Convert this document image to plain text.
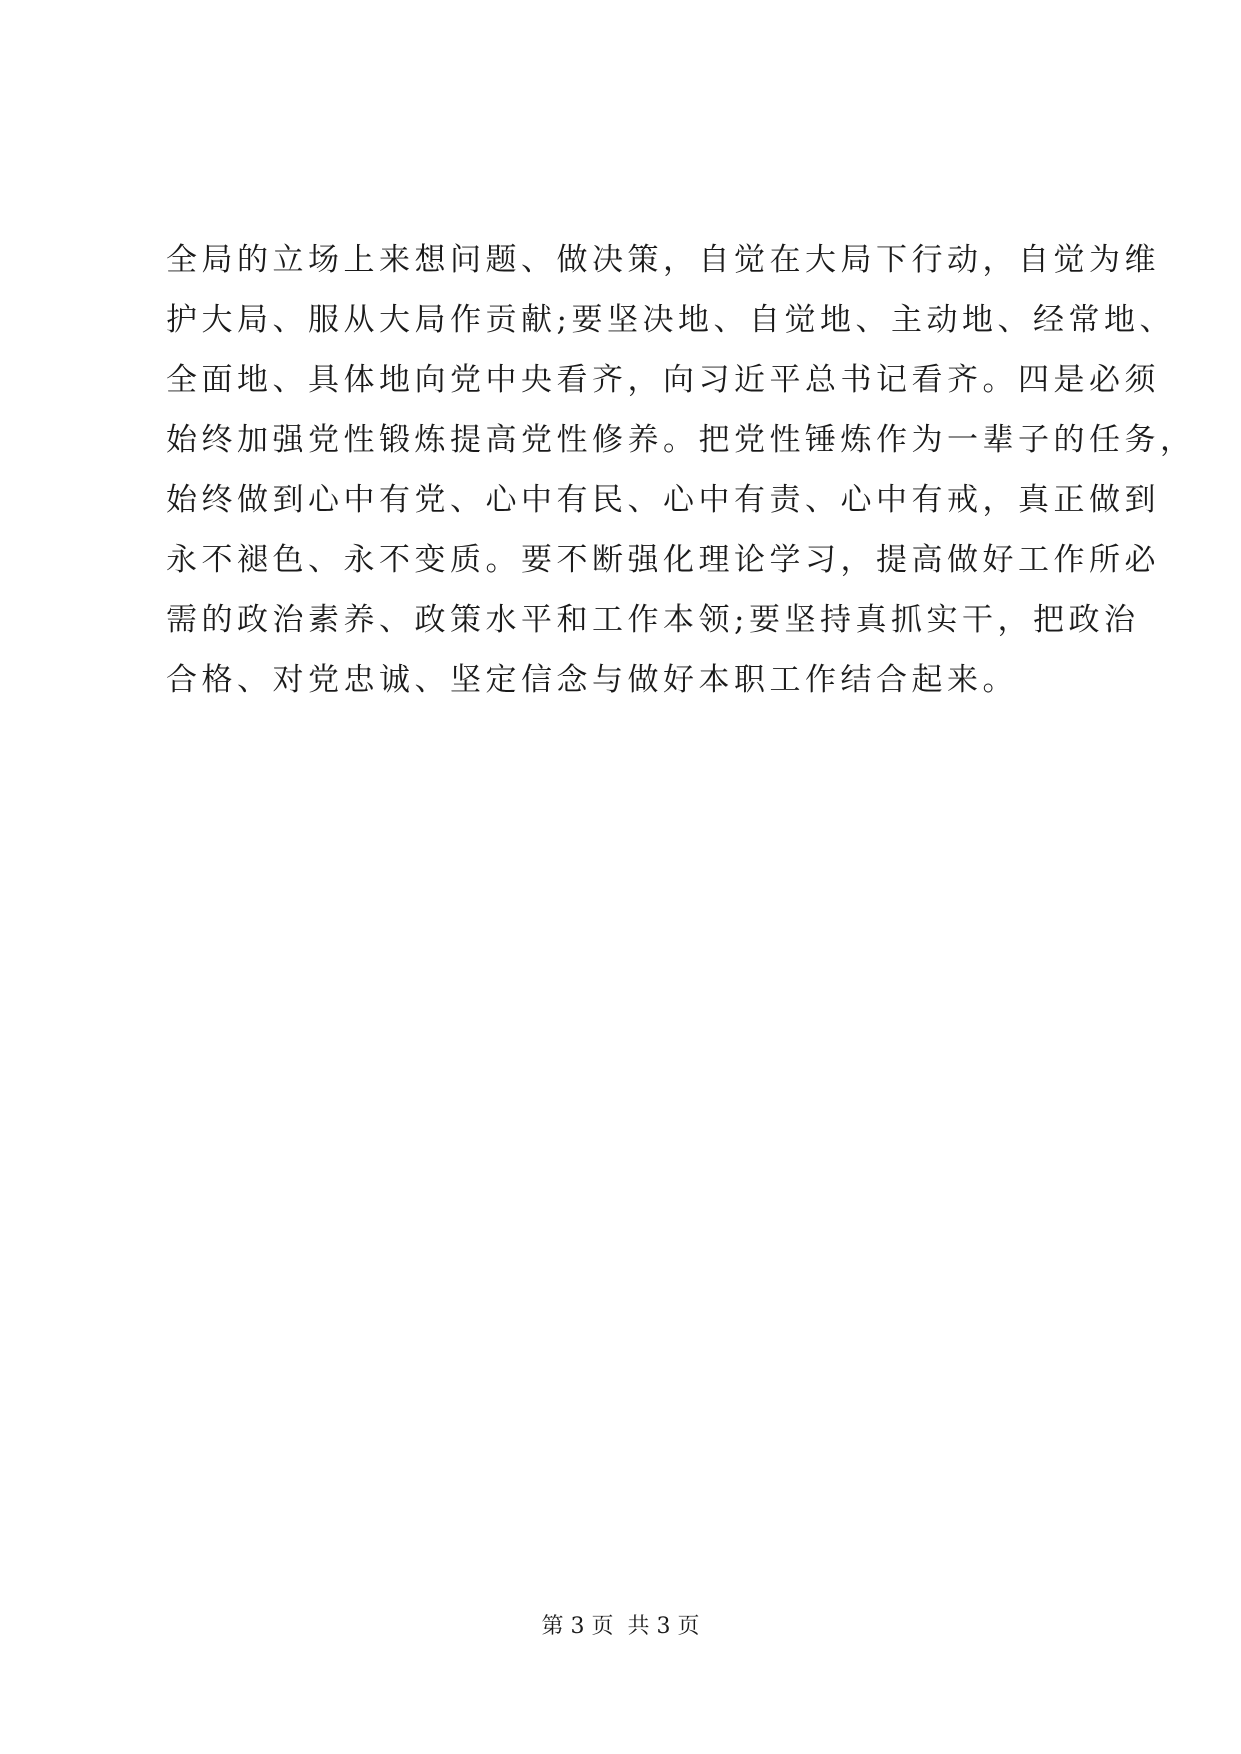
全局的立场上来想问题、做决策，自觉在大局下行动，自觉为维
护大局、服从大局作贡献;要坚决地、自觉地、主动地、经常地、
全面地、具体地向党中央看齐，向习近平总书记看齐。四是必须
始终加强党性锻炼提高党性修养。把党性锤炼作为一辈子的任务，
始终做到心中有党、心中有民、心中有责、心中有戒，真正做到
永不褪色、永不变质。要不断强化理论学习，提高做好工作所必
需的政治素养、政策水平和工作本领;要坚持真抓实干，把政治
合格、对党忠诚、坚定信念与做好本职工作结合起来。
第 3 页  共 3 页
